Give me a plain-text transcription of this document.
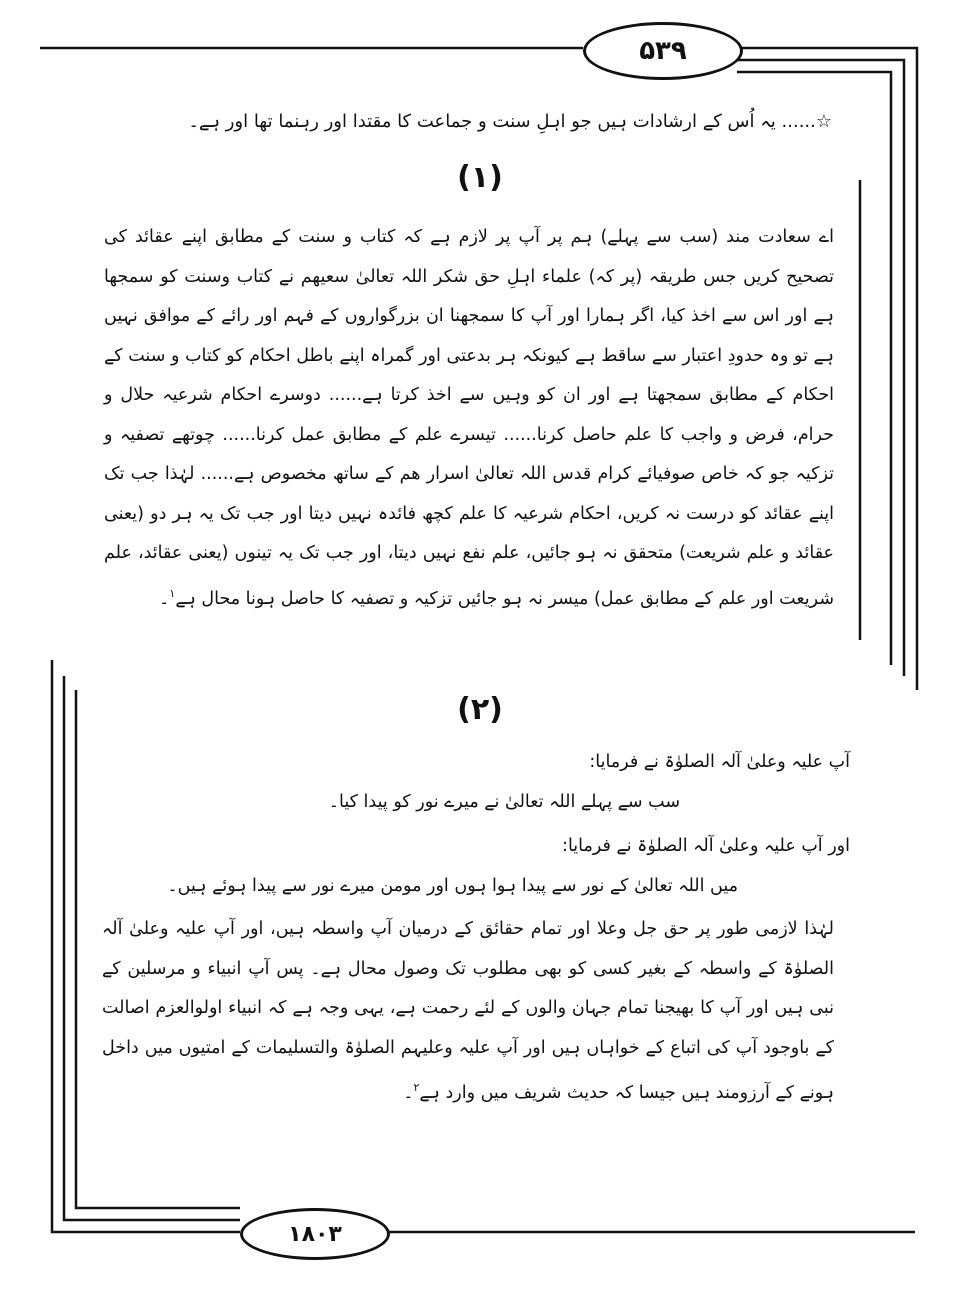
۵۳۹
☆...... یہ اُس کے ارشادات ہیں جو اہلِ سنت و جماعت کا مقتدا اور رہنما تھا اور ہے۔
(۱)
اے سعادت مند (سب سے پہلے) ہم پر آپ پر لازم ہے کہ کتاب و سنت کے مطابق اپنے عقائد کی تصحیح کریں جس طریقہ (پر کہ) علماء اہلِ حق شکر اللہ تعالیٰ سعیھم نے کتاب وسنت کو سمجھا ہے اور اس سے اخذ کیا، اگر ہمارا اور آپ کا سمجھنا ان بزرگواروں کے فہم اور رائے کے موافق نہیں ہے تو وہ حدودِ اعتبار سے ساقط ہے کیونکہ ہر بدعتی اور گمراہ اپنے باطل احکام کو کتاب و سنت کے احکام کے مطابق سمجھتا ہے اور ان کو وہیں سے اخذ کرتا ہے...... دوسرے احکام شرعیہ حلال و حرام، فرض و واجب کا علم حاصل کرنا...... تیسرے علم کے مطابق عمل کرنا...... چوتھے تصفیہ و تزکیہ جو کہ خاص صوفیائے کرام قدس اللہ تعالیٰ اسرار ھم کے ساتھ مخصوص ہے...... لہٰذا جب تک اپنے عقائد کو درست نہ کریں، احکام شرعیہ کا علم کچھ فائدہ نہیں دیتا اور جب تک یہ ہر دو (یعنی عقائد و علم شریعت) متحقق نہ ہو جائیں، علم نفع نہیں دیتا، اور جب تک یہ تینوں (یعنی عقائد، علم شریعت اور علم کے مطابق عمل) میسر نہ ہو جائیں تزکیہ و تصفیہ کا حاصل ہونا محال ہے$^۱$۔
(۲)
آپ علیہ وعلیٰ آلہ الصلوٰۃ نے فرمایا:
سب سے پہلے اللہ تعالیٰ نے میرے نور کو پیدا کیا۔
اور آپ علیہ وعلیٰ آلہ الصلوٰۃ نے فرمایا:
میں اللہ تعالیٰ کے نور سے پیدا ہوا ہوں اور مومن میرے نور سے پیدا ہوئے ہیں۔
لہٰذا لازمی طور پر حق جل وعلا اور تمام حقائق کے درمیان آپ واسطہ ہیں، اور آپ علیہ وعلیٰ آلہ الصلوٰۃ کے واسطہ کے بغیر کسی کو بھی مطلوب تک وصول محال ہے۔ پس آپ انبیاء و مرسلین کے نبی ہیں اور آپ کا بھیجنا تمام جہان والوں کے لئے رحمت ہے، یہی وجہ ہے کہ انبیاء اولوالعزم اصالت کے باوجود آپ کی اتباع کے خواہاں ہیں اور آپ علیہ وعلیہم الصلوٰۃ والتسلیمات کے امتیوں میں داخل ہونے کے آرزومند ہیں جیسا کہ حدیث شریف میں وارد ہے$^۲$۔
۱۸۰۳
